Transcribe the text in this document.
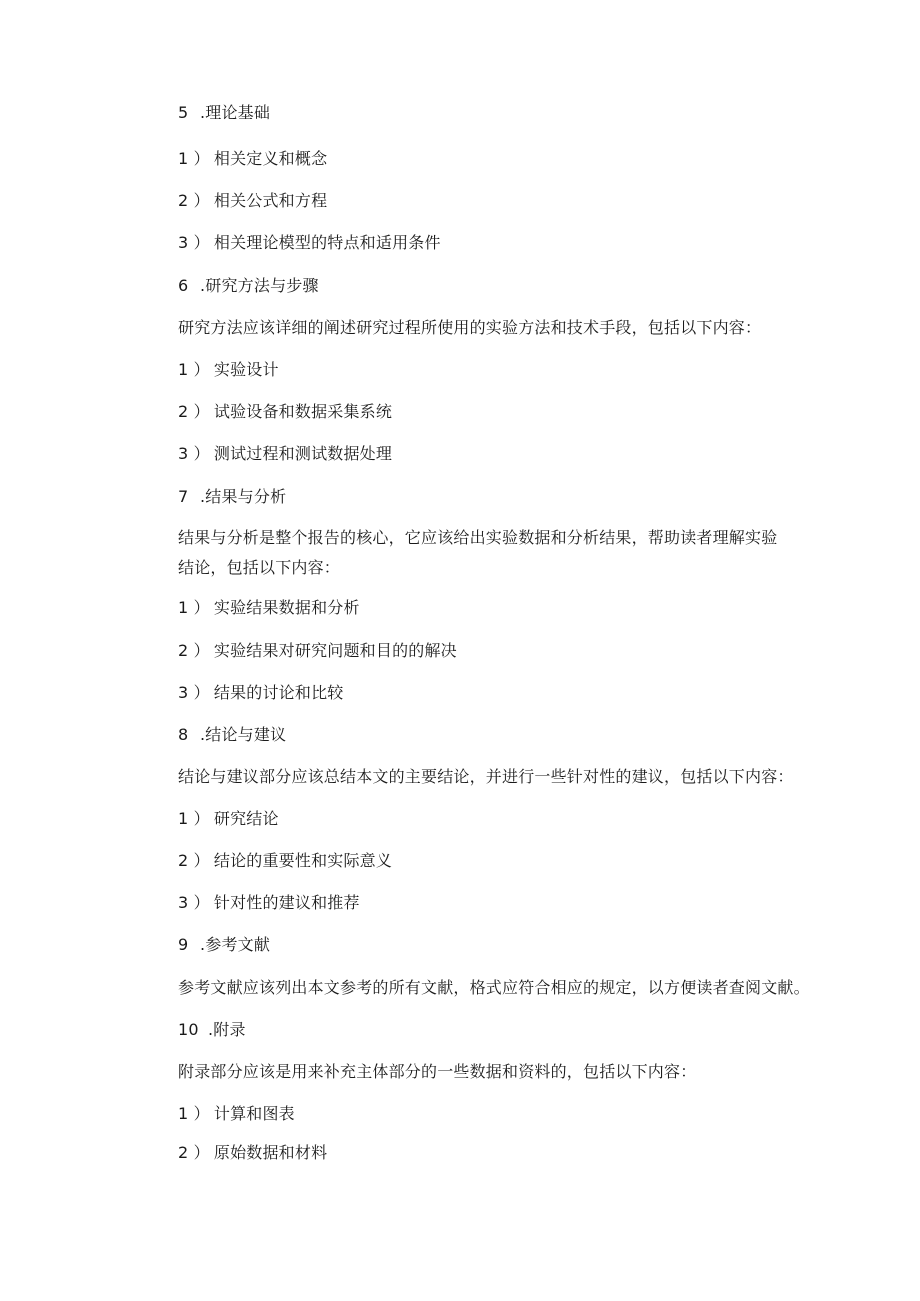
5 .理论基础
1 ） 相关定义和概念
2 ） 相关公式和方程
3 ） 相关理论模型的特点和适用条件
6 .研究方法与步骤
研究方法应该详细的阐述研究过程所使用的实验方法和技术手段，包括以下内容：
1 ） 实验设计
2 ） 试验设备和数据采集系统
3 ） 测试过程和测试数据处理
7 .结果与分析
结果与分析是整个报告的核心，它应该给出实验数据和分析结果，帮助读者理解实验结论，包括以下内容：
1 ） 实验结果数据和分析
2 ） 实验结果对研究问题和目的的解决
3 ） 结果的讨论和比较
8 .结论与建议
结论与建议部分应该总结本文的主要结论，并进行一些针对性的建议，包括以下内容：
1 ） 研究结论
2 ） 结论的重要性和实际意义
3 ） 针对性的建议和推荐
9 .参考文献
参考文献应该列出本文参考的所有文献，格式应符合相应的规定，以方便读者查阅文献。
10 .附录
附录部分应该是用来补充主体部分的一些数据和资料的，包括以下内容：
1 ） 计算和图表
2 ） 原始数据和材料
